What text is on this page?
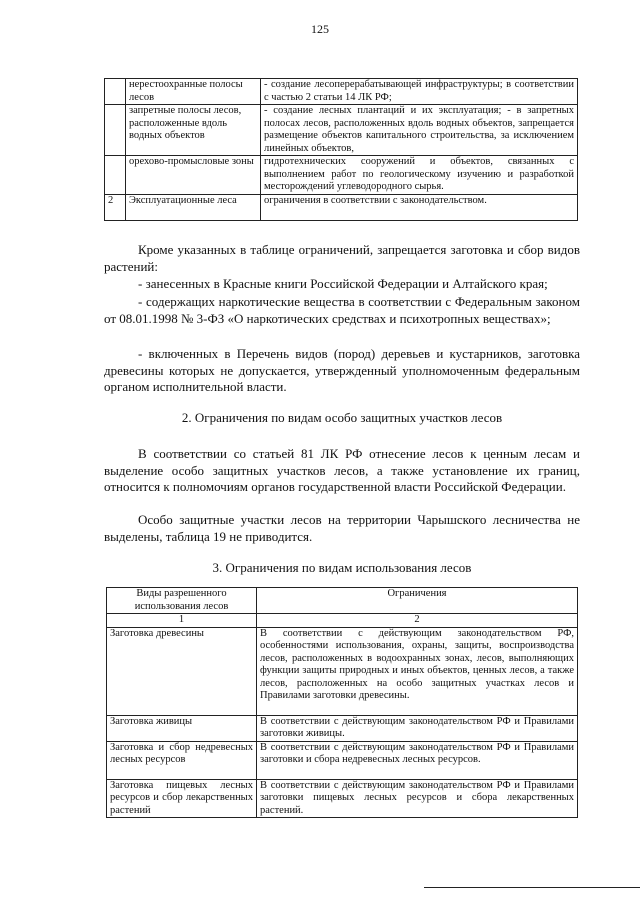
125
	нерестоохранные полосы лесов	- создание лесоперерабатывающей инфраструктуры; в соответствии с частью 2 статьи 14 ЛК РФ;
	запретные полосы лесов, расположенные вдоль водных объектов	- создание лесных плантаций и их эксплуатация; - в запретных полосах лесов, расположенных вдоль водных объектов, запрещается размещение объектов капитального строительства, за исключением линейных объектов,
	орехово-промысловые зоны	гидротехнических сооружений и объектов, связанных с выполнением работ по геологическому изучению и разработкой месторождений углеводородного сырья.
2	Эксплуатационные леса	ограничения в соответствии с законодательством.

Кроме указанных в таблице ограничений, запрещается заготовка и сбор видов растений:

- занесенных в Красные книги Российской Федерации и Алтайского края;

- содержащих наркотические вещества в соответствии с Федеральным законом от 08.01.1998 № 3-ФЗ «О наркотических средствах и психотропных веществах»;

- включенных в Перечень видов (пород) деревьев и кустарников, заготовка древесины которых не допускается, утвержденный уполномоченным федеральным органом исполнительной власти.

2. Ограничения по видам особо защитных участков лесов

В соответствии со статьей 81 ЛК РФ отнесение лесов к ценным лесам и выделение особо защитных участков лесов, а также установление их границ, относится к полномочиям органов государственной власти Российской Федерации.

Особо защитные участки лесов на территории Чарышского лесничества не выделены, таблица 19 не приводится.

3. Ограничения по видам использования лесов
Виды разрешенного использования лесов	Ограничения
1	2
Заготовка древесины	В соответствии с действующим законодательством РФ, особенностями использования, охраны, защиты, воспроизводства лесов, расположенных в водоохранных зонах, лесов, выполняющих функции защиты природных и иных объектов, ценных лесов, а также лесов, расположенных на особо защитных участках лесов и Правилами заготовки древесины.
Заготовка живицы	В соответствии с действующим законодательством РФ и Правилами заготовки живицы.
Заготовка и сбор недревесных лесных ресурсов	В соответствии с действующим законодательством РФ и Правилами заготовки и сбора недревесных лесных ресурсов.
Заготовка пищевых лесных ресурсов и сбор лекарственных растений	В соответствии с действующим законодательством РФ и Правилами заготовки пищевых лесных ресурсов и сбора лекарственных растений.
